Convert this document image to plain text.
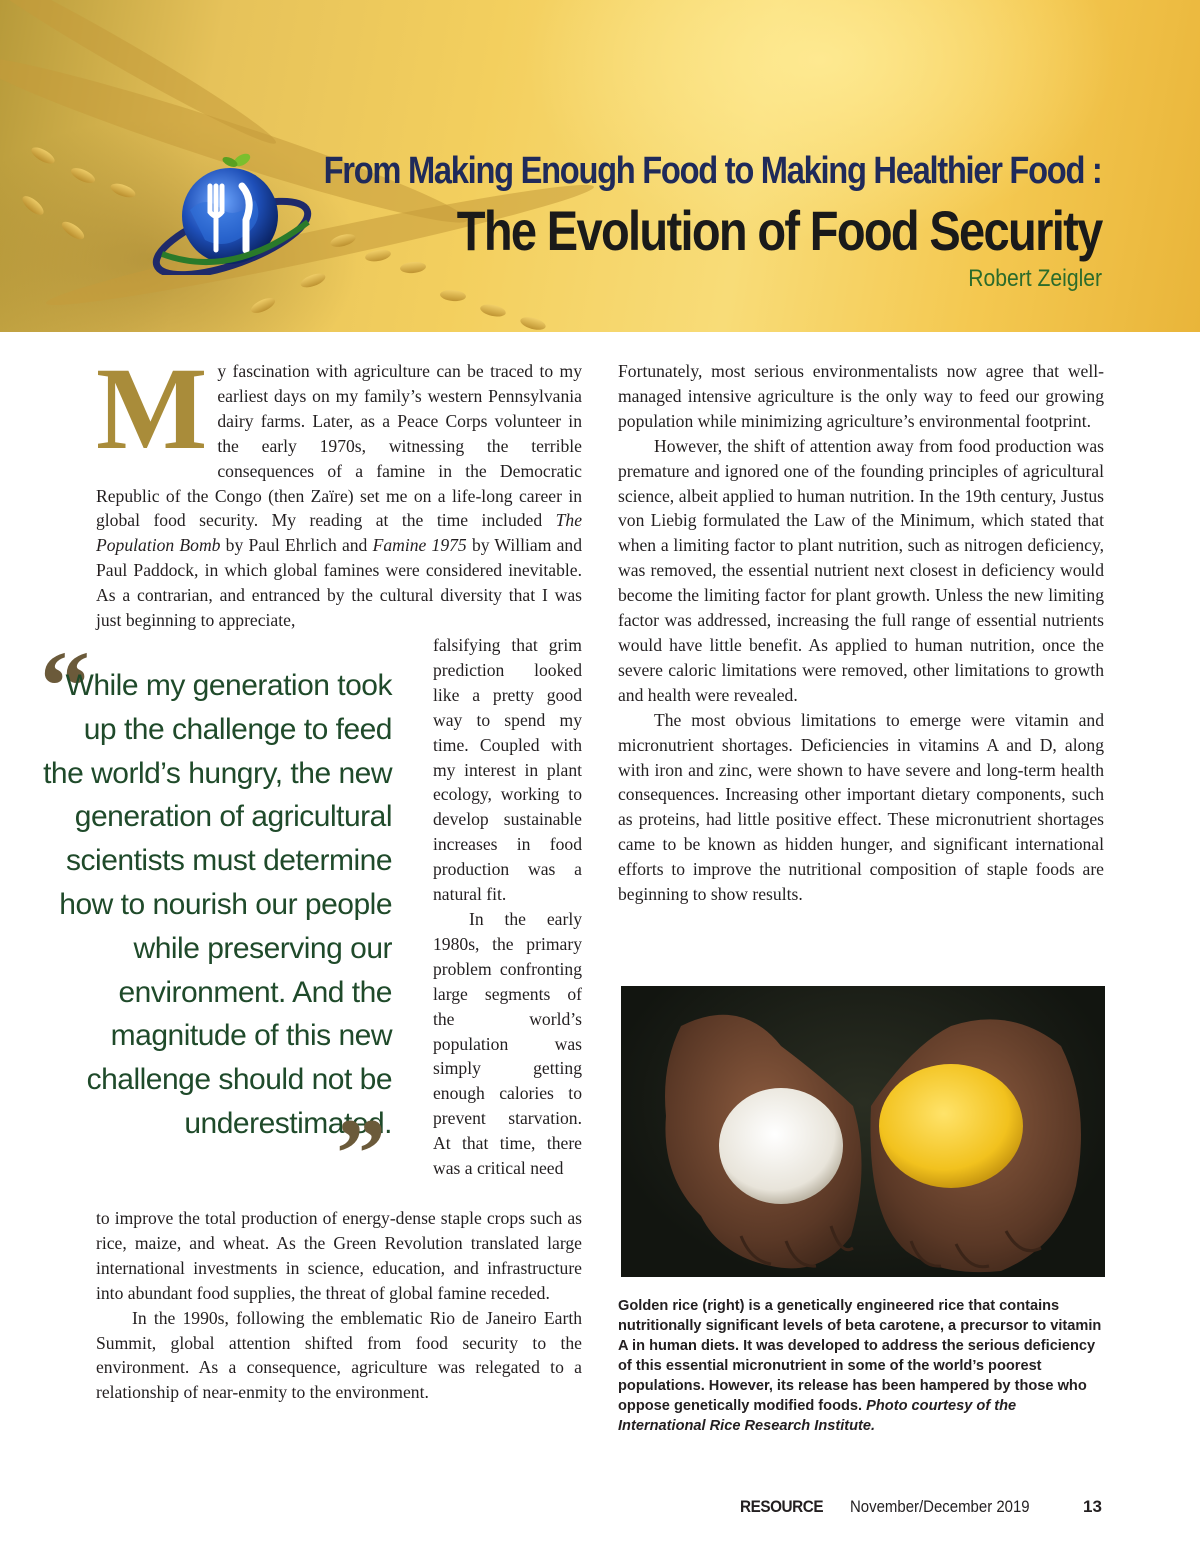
From Making Enough Food to Making Healthier Food :
The Evolution of Food Security
Robert Zeigler

My fascination with agriculture can be traced to my earliest days on my family’s western Pennsylvania dairy farms. Later, as a Peace Corps volunteer in the early 1970s, witnessing the terrible consequences of a famine in the Democratic Republic of the Congo (then Zaïre) set me on a life-long career in global food security. My reading at the time included The Population Bomb by Paul Ehrlich and Famine 1975 by William and Paul Paddock, in which global famines were considered inevitable. As a contrarian, and entranced by the cultural diversity that I was just beginning to appreciate,

falsifying that grim prediction looked like a pretty good way to spend my time. Coupled with my interest in plant ecology, working to develop sustainable increases in food production was a natural fit.

In the early 1980s, the primary problem confronting large segments of the world’s population was simply getting enough calories to prevent starvation. At that time, there was a critical need

to improve the total production of energy-dense staple crops such as rice, maize, and wheat. As the Green Revolution translated large international investments in science, education, and infrastructure into abundant food supplies, the threat of global famine receded.

In the 1990s, following the emblematic Rio de Janeiro Earth Summit, global attention shifted from food security to the environment. As a consequence, agriculture was relegated to a relationship of near-enmity to the environment.

“
While my generation took up the challenge to feed the world’s hungry, the new generation of agricultural scientists must determine how to nourish our people while preserving our environment. And the magnitude of this new challenge should not be underestimated.
”

Fortunately, most serious environmentalists now agree that well-managed intensive agriculture is the only way to feed our growing population while minimizing agriculture’s environmental footprint.

However, the shift of attention away from food production was premature and ignored one of the founding principles of agricultural science, albeit applied to human nutrition. In the 19th century, Justus von Liebig formulated the Law of the Minimum, which stated that when a limiting factor to plant nutrition, such as nitrogen deficiency, was removed, the essential nutrient next closest in deficiency would become the limiting factor for plant growth. Unless the new limiting factor was addressed, increasing the full range of essential nutrients would have little benefit. As applied to human nutrition, once the severe caloric limitations were removed, other limitations to growth and health were revealed.

The most obvious limitations to emerge were vitamin and micronutrient shortages. Deficiencies in vitamins A and D, along with iron and zinc, were shown to have severe and long-term health consequences. Increasing other important dietary components, such as proteins, had little positive effect. These micronutrient shortages came to be known as hidden hunger, and significant international efforts to improve the nutritional composition of staple foods are beginning to show results.

Golden rice (right) is a genetically engineered rice that contains nutritionally significant levels of beta carotene, a precursor to vitamin A in human diets. It was developed to address the serious deficiency of this essential micronutrient in some of the world’s poorest populations. However, its release has been hampered by those who oppose genetically modified foods. Photo courtesy of the International Rice Research Institute.
RESOURCE November/December 2019	13
